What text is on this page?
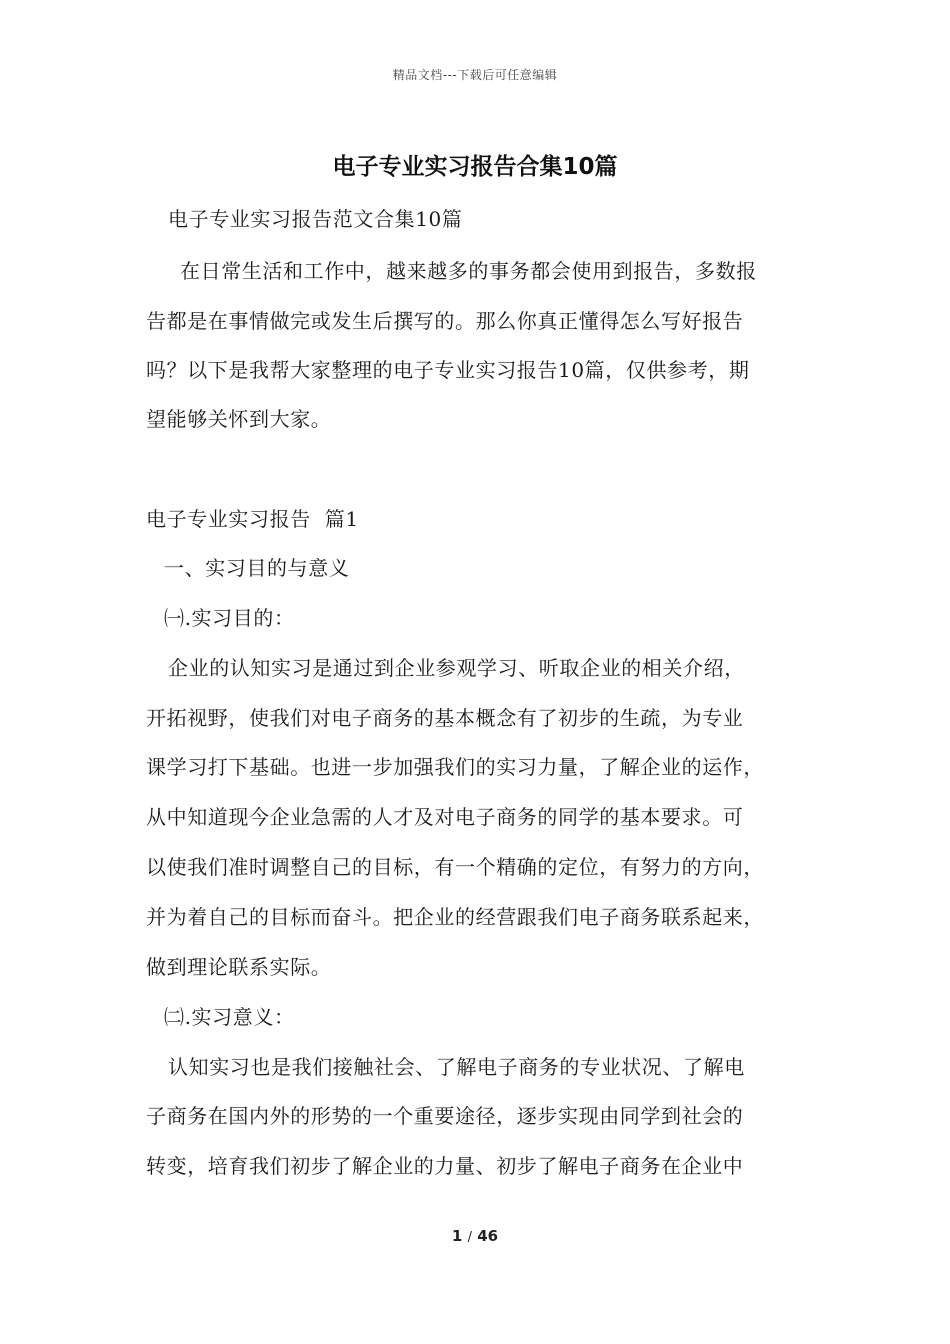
精品文档---下载后可任意编辑
电子专业实习报告合集10篇
电子专业实习报告范文合集10篇
在日常生活和工作中，越来越多的事务都会使用到报告，多数报
告都是在事情做完或发生后撰写的。那么你真正懂得怎么写好报告
吗？以下是我帮大家整理的电子专业实习报告10篇，仅供参考，期
望能够关怀到大家。
电子专业实习报告  篇1
一、实习目的与意义
㈠.实习目的：
企业的认知实习是通过到企业参观学习、听取企业的相关介绍，
开拓视野，使我们对电子商务的基本概念有了初步的生疏，为专业
课学习打下基础。也进一步加强我们的实习力量，了解企业的运作，
从中知道现今企业急需的人才及对电子商务的同学的基本要求。可
以使我们准时调整自己的目标，有一个精确的定位，有努力的方向，
并为着自己的目标而奋斗。把企业的经营跟我们电子商务联系起来，
做到理论联系实际。
㈡.实习意义：
认知实习也是我们接触社会、了解电子商务的专业状况、了解电
子商务在国内外的形势的一个重要途径，逐步实现由同学到社会的
转变，培育我们初步了解企业的力量、初步了解电子商务在企业中
1 / 46
